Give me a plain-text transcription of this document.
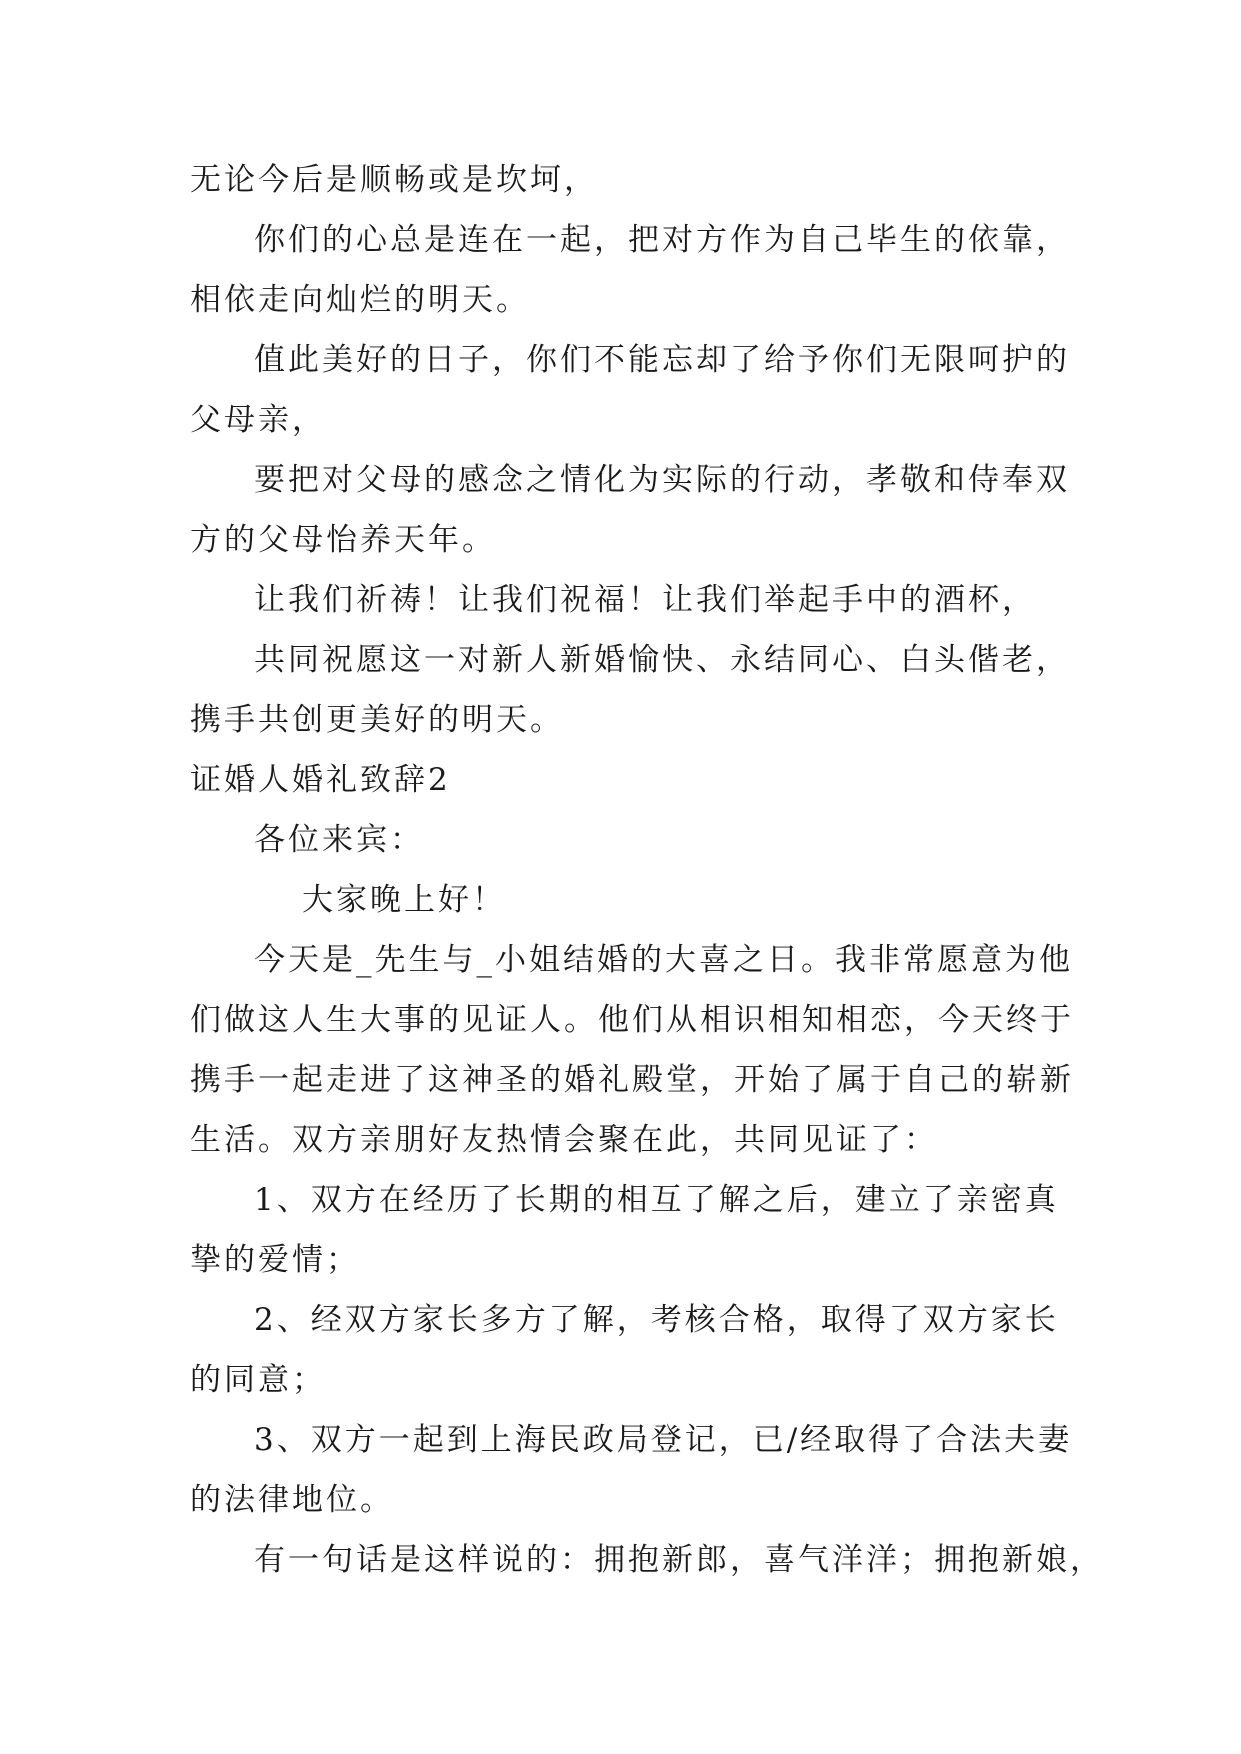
无论今后是顺畅或是坎坷，
你们的心总是连在一起，把对方作为自己毕生的依靠，
相依走向灿烂的明天。
值此美好的日子，你们不能忘却了给予你们无限呵护的
父母亲，
要把对父母的感念之情化为实际的行动，孝敬和侍奉双
方的父母怡养天年。
让我们祈祷！让我们祝福！让我们举起手中的酒杯，
共同祝愿这一对新人新婚愉快、永结同心、白头偕老，
携手共创更美好的明天。
证婚人婚礼致辞2
各位来宾：
大家晚上好！
今天是_先生与_小姐结婚的大喜之日。我非常愿意为他
们做这人生大事的见证人。他们从相识相知相恋，今天终于
携手一起走进了这神圣的婚礼殿堂，开始了属于自己的崭新
生活。双方亲朋好友热情会聚在此，共同见证了：
1、双方在经历了长期的相互了解之后，建立了亲密真
挚的爱情；
2、经双方家长多方了解，考核合格，取得了双方家长
的同意；
3、双方一起到上海民政局登记，已/经取得了合法夫妻
的法律地位。
有一句话是这样说的：拥抱新郎，喜气洋洋；拥抱新娘，
